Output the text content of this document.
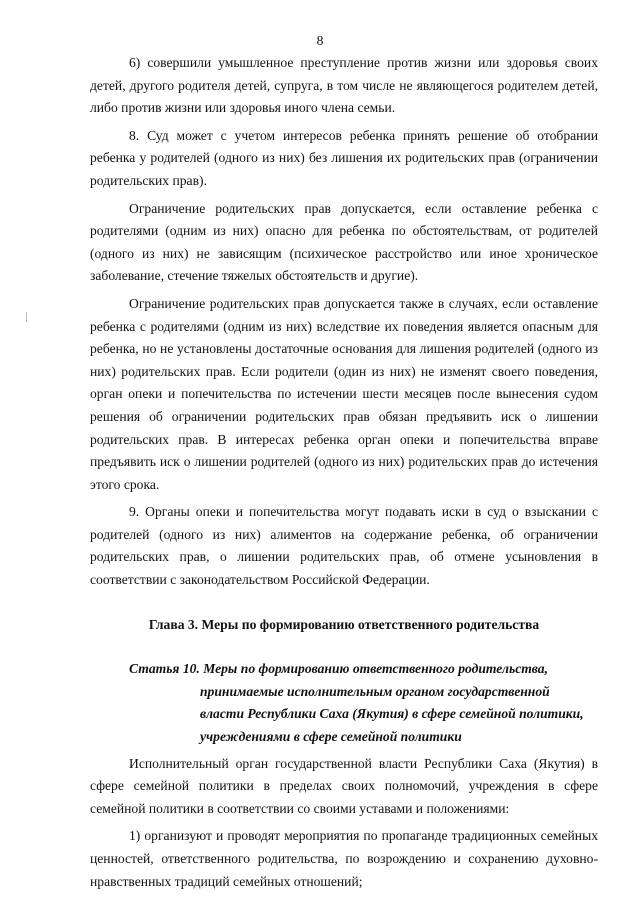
8

6) совершили умышленное преступление против жизни или здоровья своих детей, другого родителя детей, супруга, в том числе не являющегося родителем детей, либо против жизни или здоровья иного члена семьи.

8. Суд может с учетом интересов ребенка принять решение об отобрании ребенка у родителей (одного из них) без лишения их родительских прав (ограничении родительских прав).

Ограничение родительских прав допускается, если оставление ребенка с родителями (одним из них) опасно для ребенка по обстоятельствам, от родителей (одного из них) не зависящим (психическое расстройство или иное хроническое заболевание, стечение тяжелых обстоятельств и другие).

Ограничение родительских прав допускается также в случаях, если оставление ребенка с родителями (одним из них) вследствие их поведения является опасным для ребенка, но не установлены достаточные основания для лишения родителей (одного из них) родительских прав. Если родители (один из них) не изменят своего поведения, орган опеки и попечительства по истечении шести месяцев после вынесения судом решения об ограничении родительских прав обязан предъявить иск о лишении родительских прав. В интересах ребенка орган опеки и попечительства вправе предъявить иск о лишении родителей (одного из них) родительских прав до истечения этого срока.

9. Органы опеки и попечительства могут подавать иски в суд о взыскании с родителей (одного из них) алиментов на содержание ребенка, об ограничении родительских прав, о лишении родительских прав, об отмене усыновления в соответствии с законодательством Российской Федерации.

Глава 3. Меры по формированию ответственного родительства

Статья 10. Меры по формированию ответственного родительства,
принимаемые исполнительным органом государственной
власти Республики Саха (Якутия) в сфере семейной политики,
учреждениями в сфере семейной политики

Исполнительный орган государственной власти Республики Саха (Якутия) в сфере семейной политики в пределах своих полномочий, учреждения в сфере семейной политики в соответствии со своими уставами и положениями:

1) организуют и проводят мероприятия по пропаганде традиционных семейных ценностей, ответственного родительства, по возрождению и сохранению духовно-нравственных традиций семейных отношений;
